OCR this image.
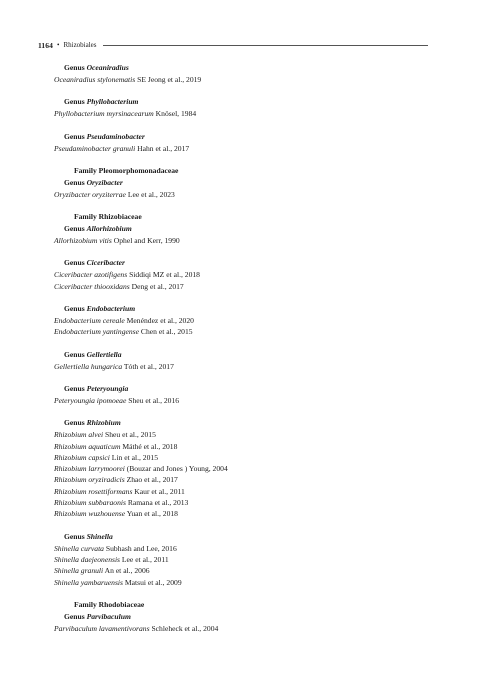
1164 • Rhizobiales
Genus Oceaniradius
Oceaniradius stylonematis SE Jeong et al., 2019
Genus Phyllobacterium
Phyllobacterium myrsinacearum Knösel, 1984
Genus Pseudaminobacter
Pseudaminobacter granuli Hahn et al., 2017
Family Pleomorphomonadaceae
Genus Oryzibacter
Oryzibacter oryziterrae Lee et al., 2023
Family Rhizobiaceae
Genus Allorhizobium
Allorhizobium vitis Ophel and Kerr, 1990
Genus Ciceribacter
Ciceribacter azotifigens Siddiqi MZ et al., 2018
Ciceribacter thiooxidans Deng et al., 2017
Genus Endobacterium
Endobacterium cereale Menéndez et al., 2020
Endobacterium yantingense Chen et al., 2015
Genus Gellertiella
Gellertiella hungarica Tóth et al., 2017
Genus Peteryoungia
Peteryoungia ipomoeae Sheu et al., 2016
Genus Rhizobium
Rhizobium alvei Sheu et al., 2015
Rhizobium aquaticum Máthé et al., 2018
Rhizobium capsici Lin et al., 2015
Rhizobium larrymoorei (Bouzar and Jones ) Young, 2004
Rhizobium oryziradicis Zhao et al., 2017
Rhizobium rosettiformans Kaur et al., 2011
Rhizobium subbaraonis Ramana et al., 2013
Rhizobium wuzhouense Yuan et al., 2018
Genus Shinella
Shinella curvata Subhash and Lee, 2016
Shinella daejeonensis Lee et al., 2011
Shinella granuli An et al., 2006
Shinella yambaruensis Matsui et al., 2009
Family Rhodobiaceae
Genus Parvibaculum
Parvibaculum lavamentivorans Schleheck et al., 2004
